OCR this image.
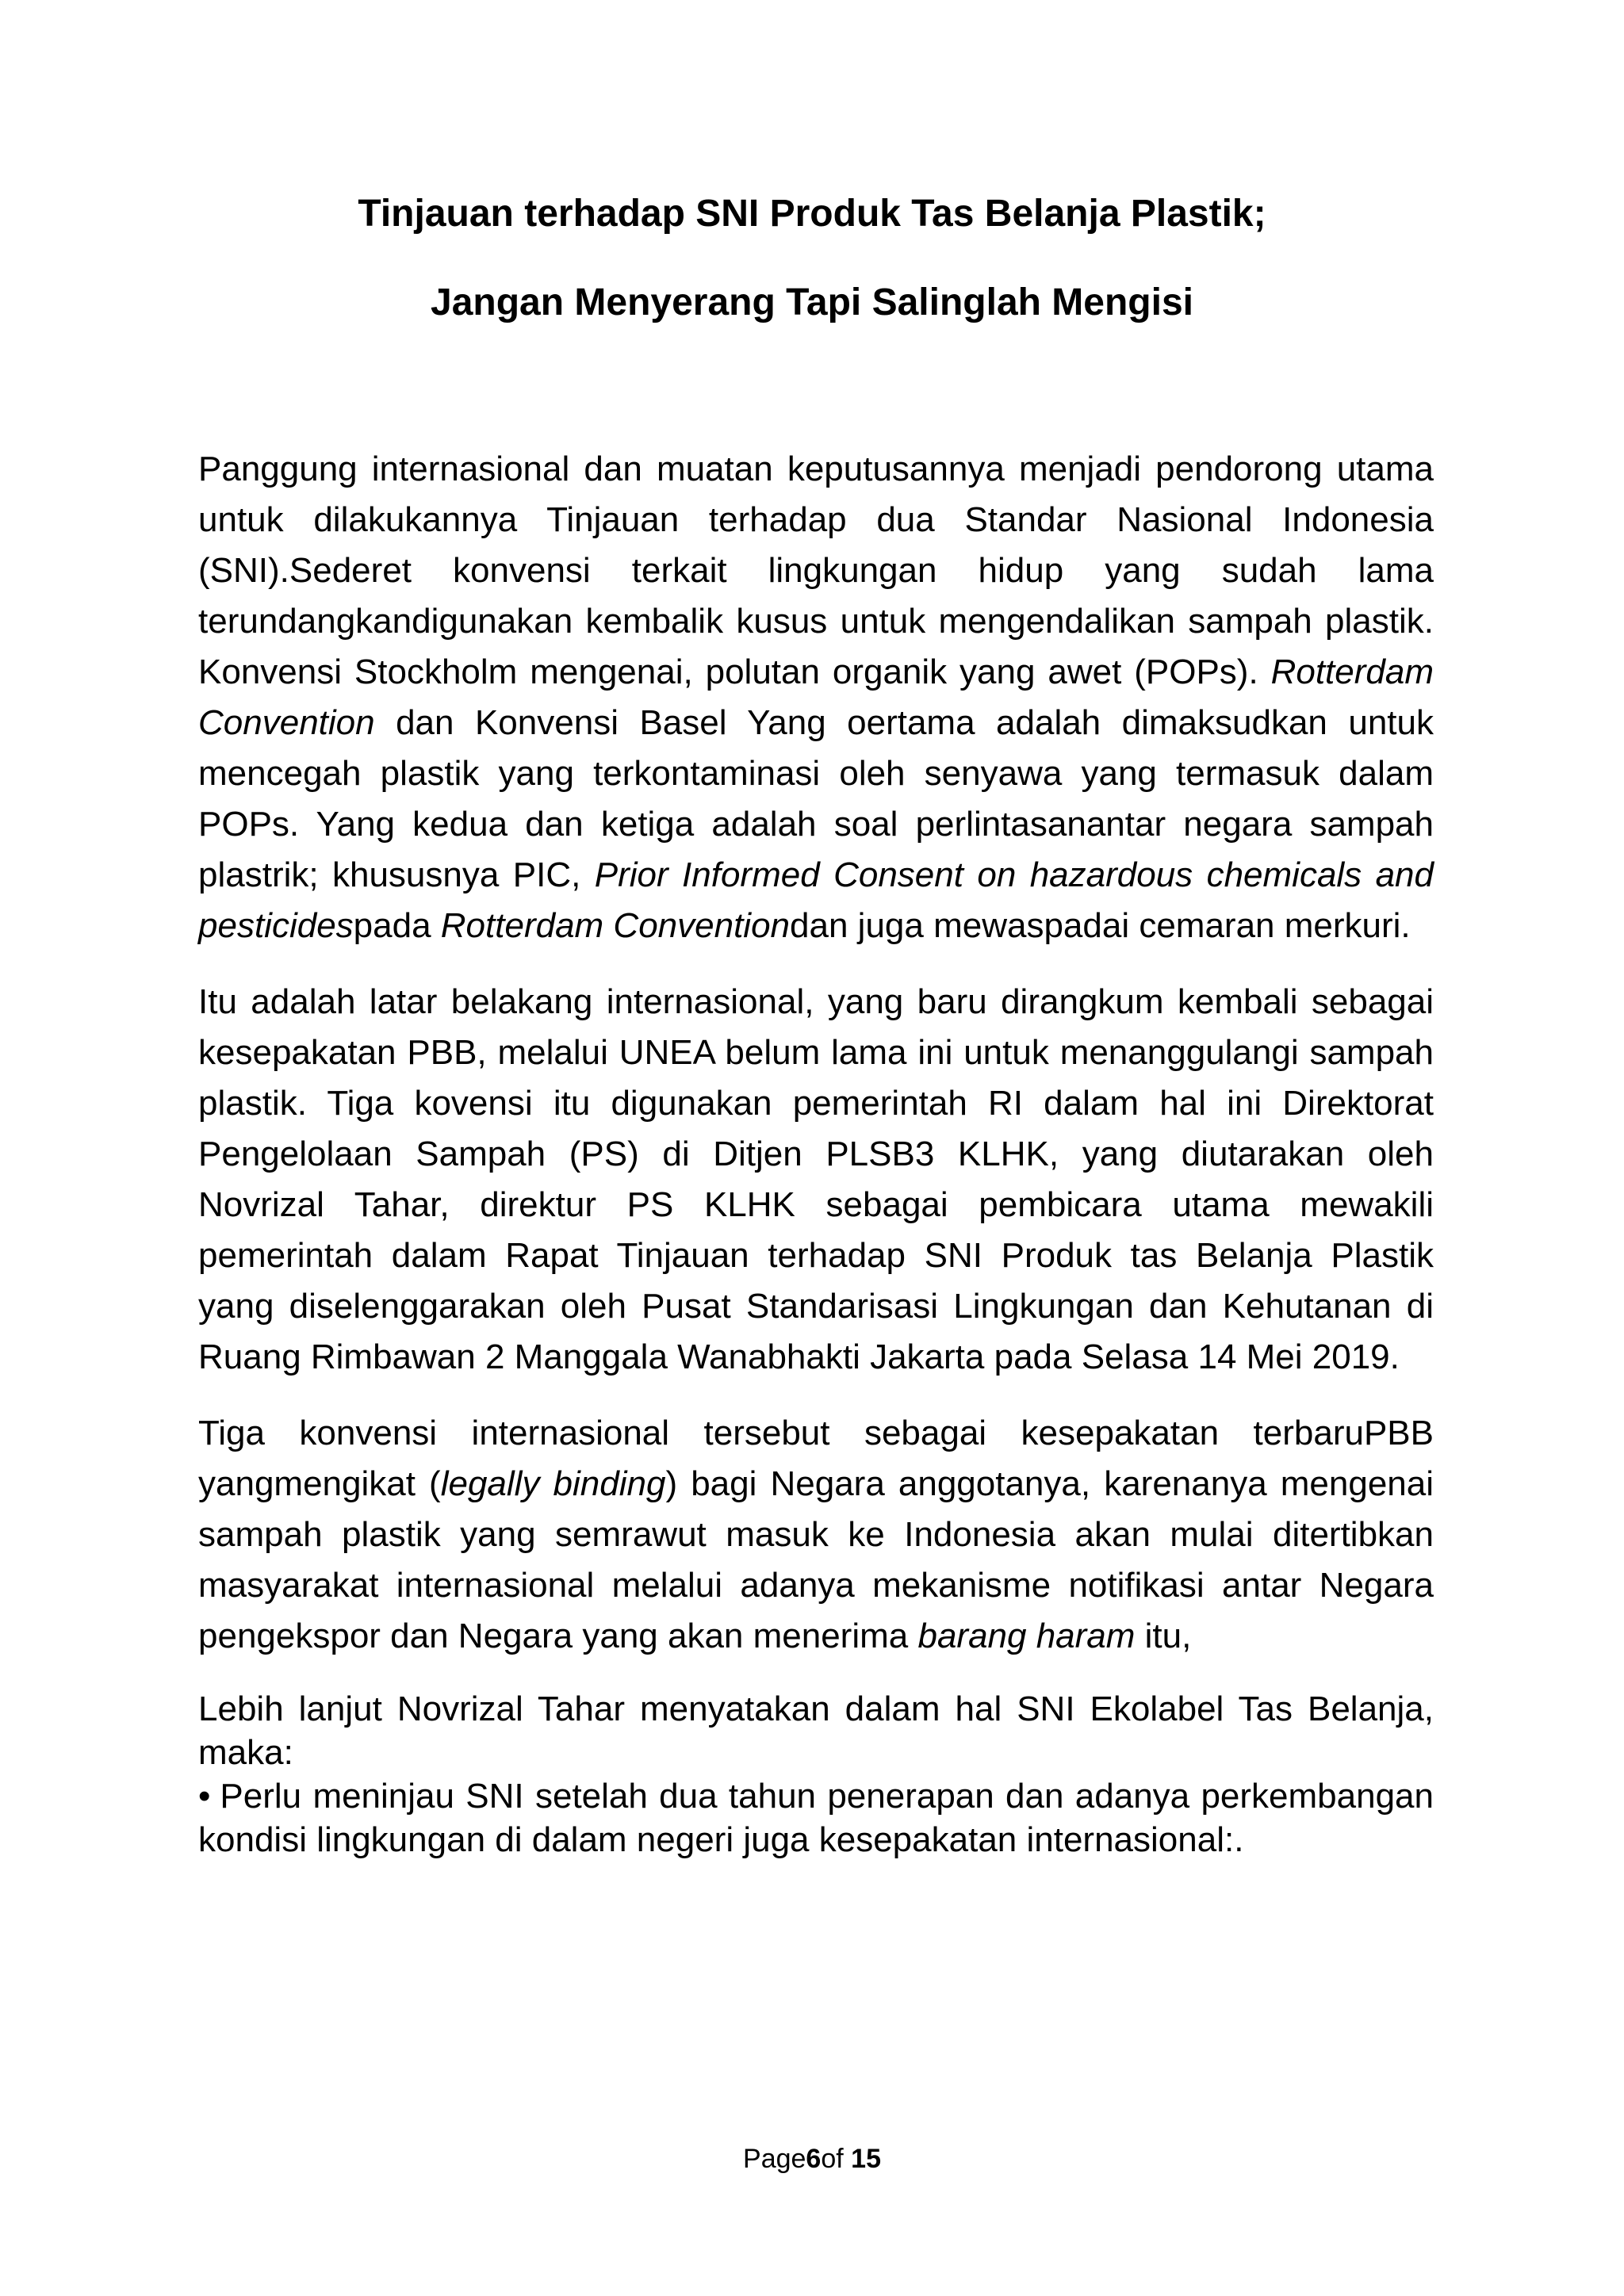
Tinjauan terhadap SNI Produk Tas Belanja Plastik;

Jangan Menyerang Tapi Salinglah Mengisi

Panggung internasional dan muatan keputusannya menjadi pendorong utama untuk dilakukannya Tinjauan terhadap dua Standar Nasional Indonesia (SNI).Sederet konvensi terkait lingkungan hidup yang sudah lama terundangkandigunakan kembalik kusus untuk mengendalikan sampah plastik. Konvensi Stockholm mengenai, polutan organik yang awet (POPs). Rotterdam Convention dan Konvensi Basel Yang oertama adalah dimaksudkan untuk mencegah plastik yang terkontaminasi oleh senyawa yang termasuk dalam POPs. Yang kedua dan ketiga adalah soal perlintasanantar negara sampah plastrik; khususnya PIC, Prior Informed Consent on hazardous chemicals and pesticidespada Rotterdam Conventiondan juga mewaspadai cemaran merkuri.

Itu adalah latar belakang internasional, yang baru dirangkum kembali sebagai kesepakatan PBB, melalui UNEA belum lama ini untuk menanggulangi sampah plastik. Tiga kovensi itu digunakan pemerintah RI dalam hal ini Direktorat Pengelolaan Sampah (PS) di Ditjen PLSB3 KLHK, yang diutarakan oleh Novrizal Tahar, direktur PS KLHK sebagai pembicara utama mewakili pemerintah dalam Rapat Tinjauan terhadap SNI Produk tas Belanja Plastik yang diselenggarakan oleh Pusat Standarisasi Lingkungan dan Kehutanan di Ruang Rimbawan 2 Manggala Wanabhakti Jakarta pada Selasa 14 Mei 2019.

Tiga konvensi internasional tersebut sebagai kesepakatan terbaruPBB yangmengikat (legally binding) bagi Negara anggotanya, karenanya mengenai sampah plastik yang semrawut masuk ke Indonesia akan mulai ditertibkan masyarakat internasional melalui adanya mekanisme notifikasi antar Negara pengekspor dan Negara yang akan menerima barang haram itu,

Lebih lanjut Novrizal Tahar menyatakan dalam hal SNI Ekolabel Tas Belanja, maka:

• Perlu meninjau SNI setelah dua tahun penerapan dan adanya perkembangan kondisi lingkungan di dalam negeri juga kesepakatan internasional:.

Page6of 15
